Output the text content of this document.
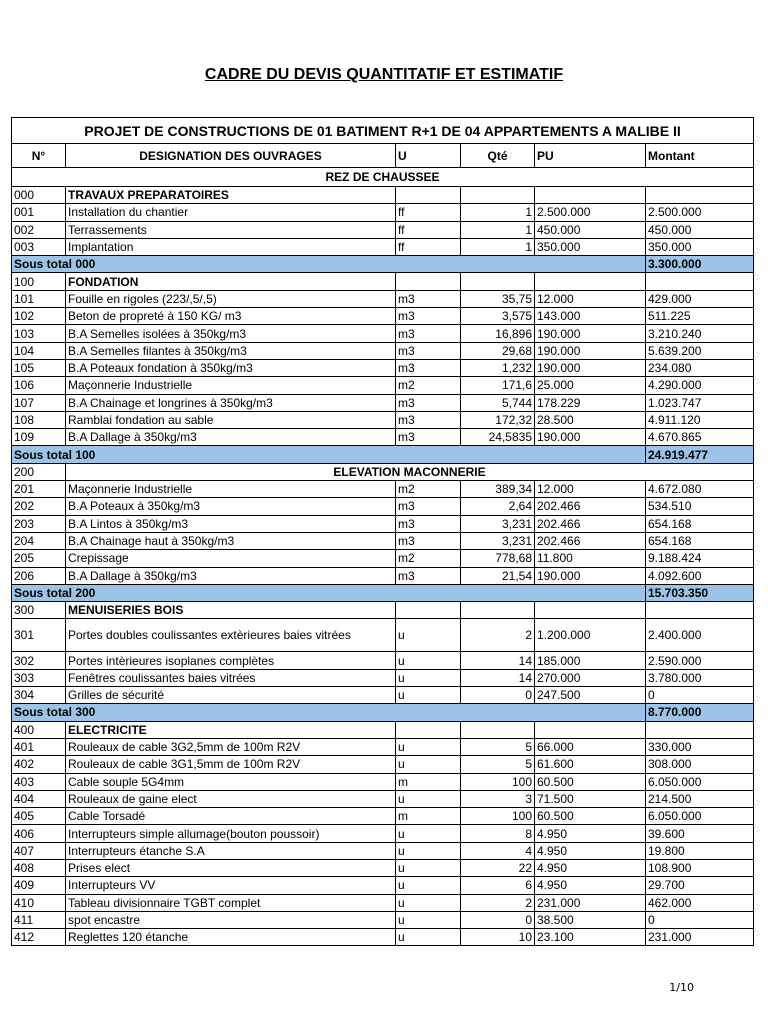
CADRE DU DEVIS QUANTITATIF ET ESTIMATIF
PROJET DE CONSTRUCTIONS DE 01 BATIMENT R+1 DE 04 APPARTEMENTS A MALIBE II					
N°	DESIGNATION DES OUVRAGES	U	Qté	PU	Montant
REZ DE CHAUSSEE					
000	TRAVAUX PREPARATOIRES				
001	Installation du chantier	ff	1	2.500.000	2.500.000
002	Terrassements	ff	1	450.000	450.000
003	Implantation	ff	1	350.000	350.000
Sous total 000					3.300.000
100	FONDATION				
101	Fouille en rigoles (223/,5/,5)	m3	35,75	12.000	429.000
102	Beton de propreté à 150 KG/ m3	m3	3,575	143.000	511.225
103	B.A Semelles isolées à 350kg/m3	m3	16,896	190.000	3.210.240
104	B.A Semelles filantes à 350kg/m3	m3	29,68	190.000	5.639.200
105	B.A Poteaux fondation à 350kg/m3	m3	1,232	190.000	234.080
106	Maçonnerie Industrielle	m2	171,6	25.000	4.290.000
107	B.A Chainage et longrines à 350kg/m3	m3	5,744	178.229	1.023.747
108	Ramblai fondation au sable	m3	172,32	28.500	4.911.120
109	B.A Dallage à 350kg/m3	m3	24,5835	190.000	4.670.865
Sous total 100					24.919.477
200	ELEVATION MACONNERIE				
201	Maçonnerie Industrielle	m2	389,34	12.000	4.672.080
202	B.A Poteaux à 350kg/m3	m3	2,64	202.466	534.510
203	B.A Lintos à 350kg/m3	m3	3,231	202.466	654.168
204	B.A Chainage haut à 350kg/m3	m3	3,231	202.466	654.168
205	Crepissage	m2	778,68	11.800	9.188.424
206	B.A Dallage à 350kg/m3	m3	21,54	190.000	4.092.600
Sous total 200					15.703.350
300	MENUISERIES BOIS				
301	Portes doubles coulissantes extèrieures baies vitrées	u	2	1.200.000	2.400.000
302	Portes intèrieures isoplanes complètes	u	14	185.000	2.590.000
303	Fenêtres coulissantes baies vitrées	u	14	270.000	3.780.000
304	Grilles de sécurité	u	0	247.500	0
Sous total 300					8.770.000
400	ELECTRICITE				
401	Rouleaux de cable 3G2,5mm de 100m R2V	u	5	66.000	330.000
402	Rouleaux de cable 3G1,5mm de 100m R2V	u	5	61.600	308.000
403	Cable souple 5G4mm	m	100	60.500	6.050.000
404	Rouleaux de gaine elect	u	3	71.500	214.500
405	Cable Torsadé	m	100	60.500	6.050.000
406	Interrupteurs simple allumage(bouton poussoir)	u	8	4.950	39.600
407	Interrupteurs étanche S.A	u	4	4.950	19.800
408	Prises elect	u	22	4.950	108.900
409	Interrupteurs VV	u	6	4.950	29.700
410	Tableau divisionnaire TGBT complet	u	2	231.000	462.000
411	spot encastre	u	0	38.500	0
412	Reglettes 120 étanche	u	10	23.100	231.000
1/10
